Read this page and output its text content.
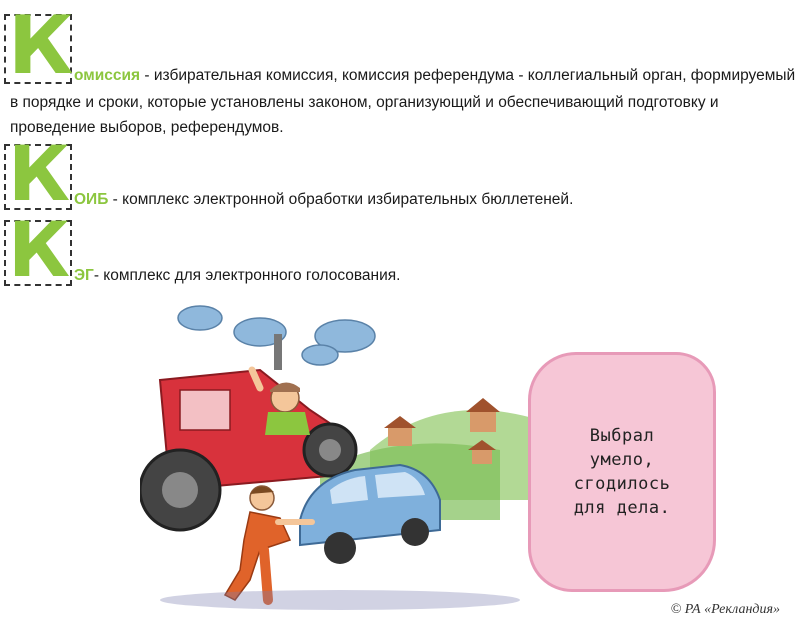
К омиссия - избирательная комиссия, комиссия референдума - коллегиальный орган, формируемый
в порядке и сроки, которые установлены законом, организующий и обеспечивающий подготовку и
проведение выборов, референдумов.
К ОИБ - комплекс электронной обработки избирательных бюллетеней.
К ЭГ- комплекс для электронного голосования.
Выбрал
умело,
сгодилось
для дела.
© РА «Рекландия»
